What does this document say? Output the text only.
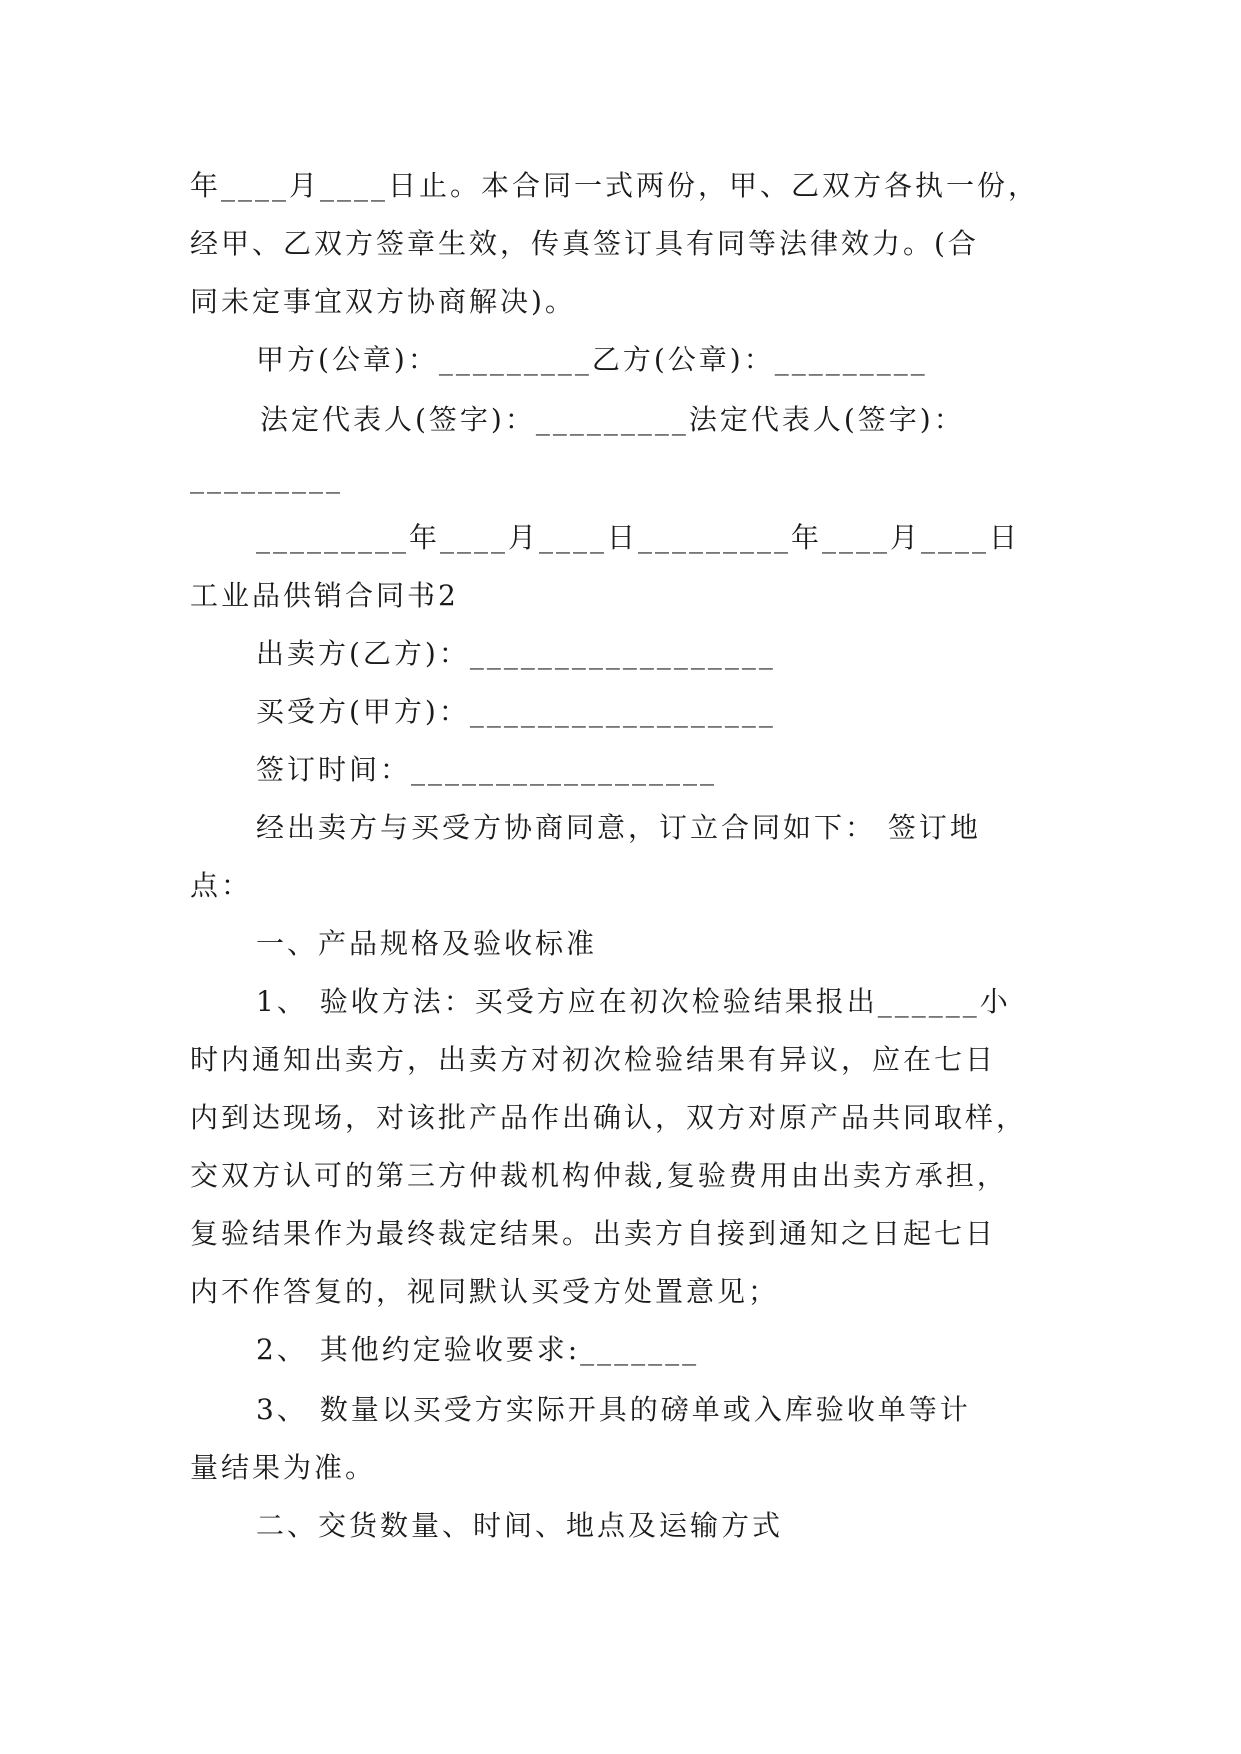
年____月____日止。本合同一式两份，甲、乙双方各执一份，

经甲、乙双方签章生效，传真签订具有同等法律效力。(合

同未定事宜双方协商解决)。

甲方(公章)：_________乙方(公章)：_________

法定代表人(签字)：_________法定代表人(签字)：

_________

_________年____月____日_________年____月____日

工业品供销合同书2

出卖方(乙方)：__________________

买受方(甲方)：__________________

签订时间：__________________

经出卖方与买受方协商同意，订立合同如下： 签订地

点：

一、产品规格及验收标准

1、 验收方法：买受方应在初次检验结果报出______小

时内通知出卖方，出卖方对初次检验结果有异议，应在七日

内到达现场，对该批产品作出确认，双方对原产品共同取样，

交双方认可的第三方仲裁机构仲裁,复验费用由出卖方承担，

复验结果作为最终裁定结果。出卖方自接到通知之日起七日

内不作答复的，视同默认买受方处置意见；

2、 其他约定验收要求:_______

3、 数量以买受方实际开具的磅单或入库验收单等计

量结果为准。

二、交货数量、时间、地点及运输方式
